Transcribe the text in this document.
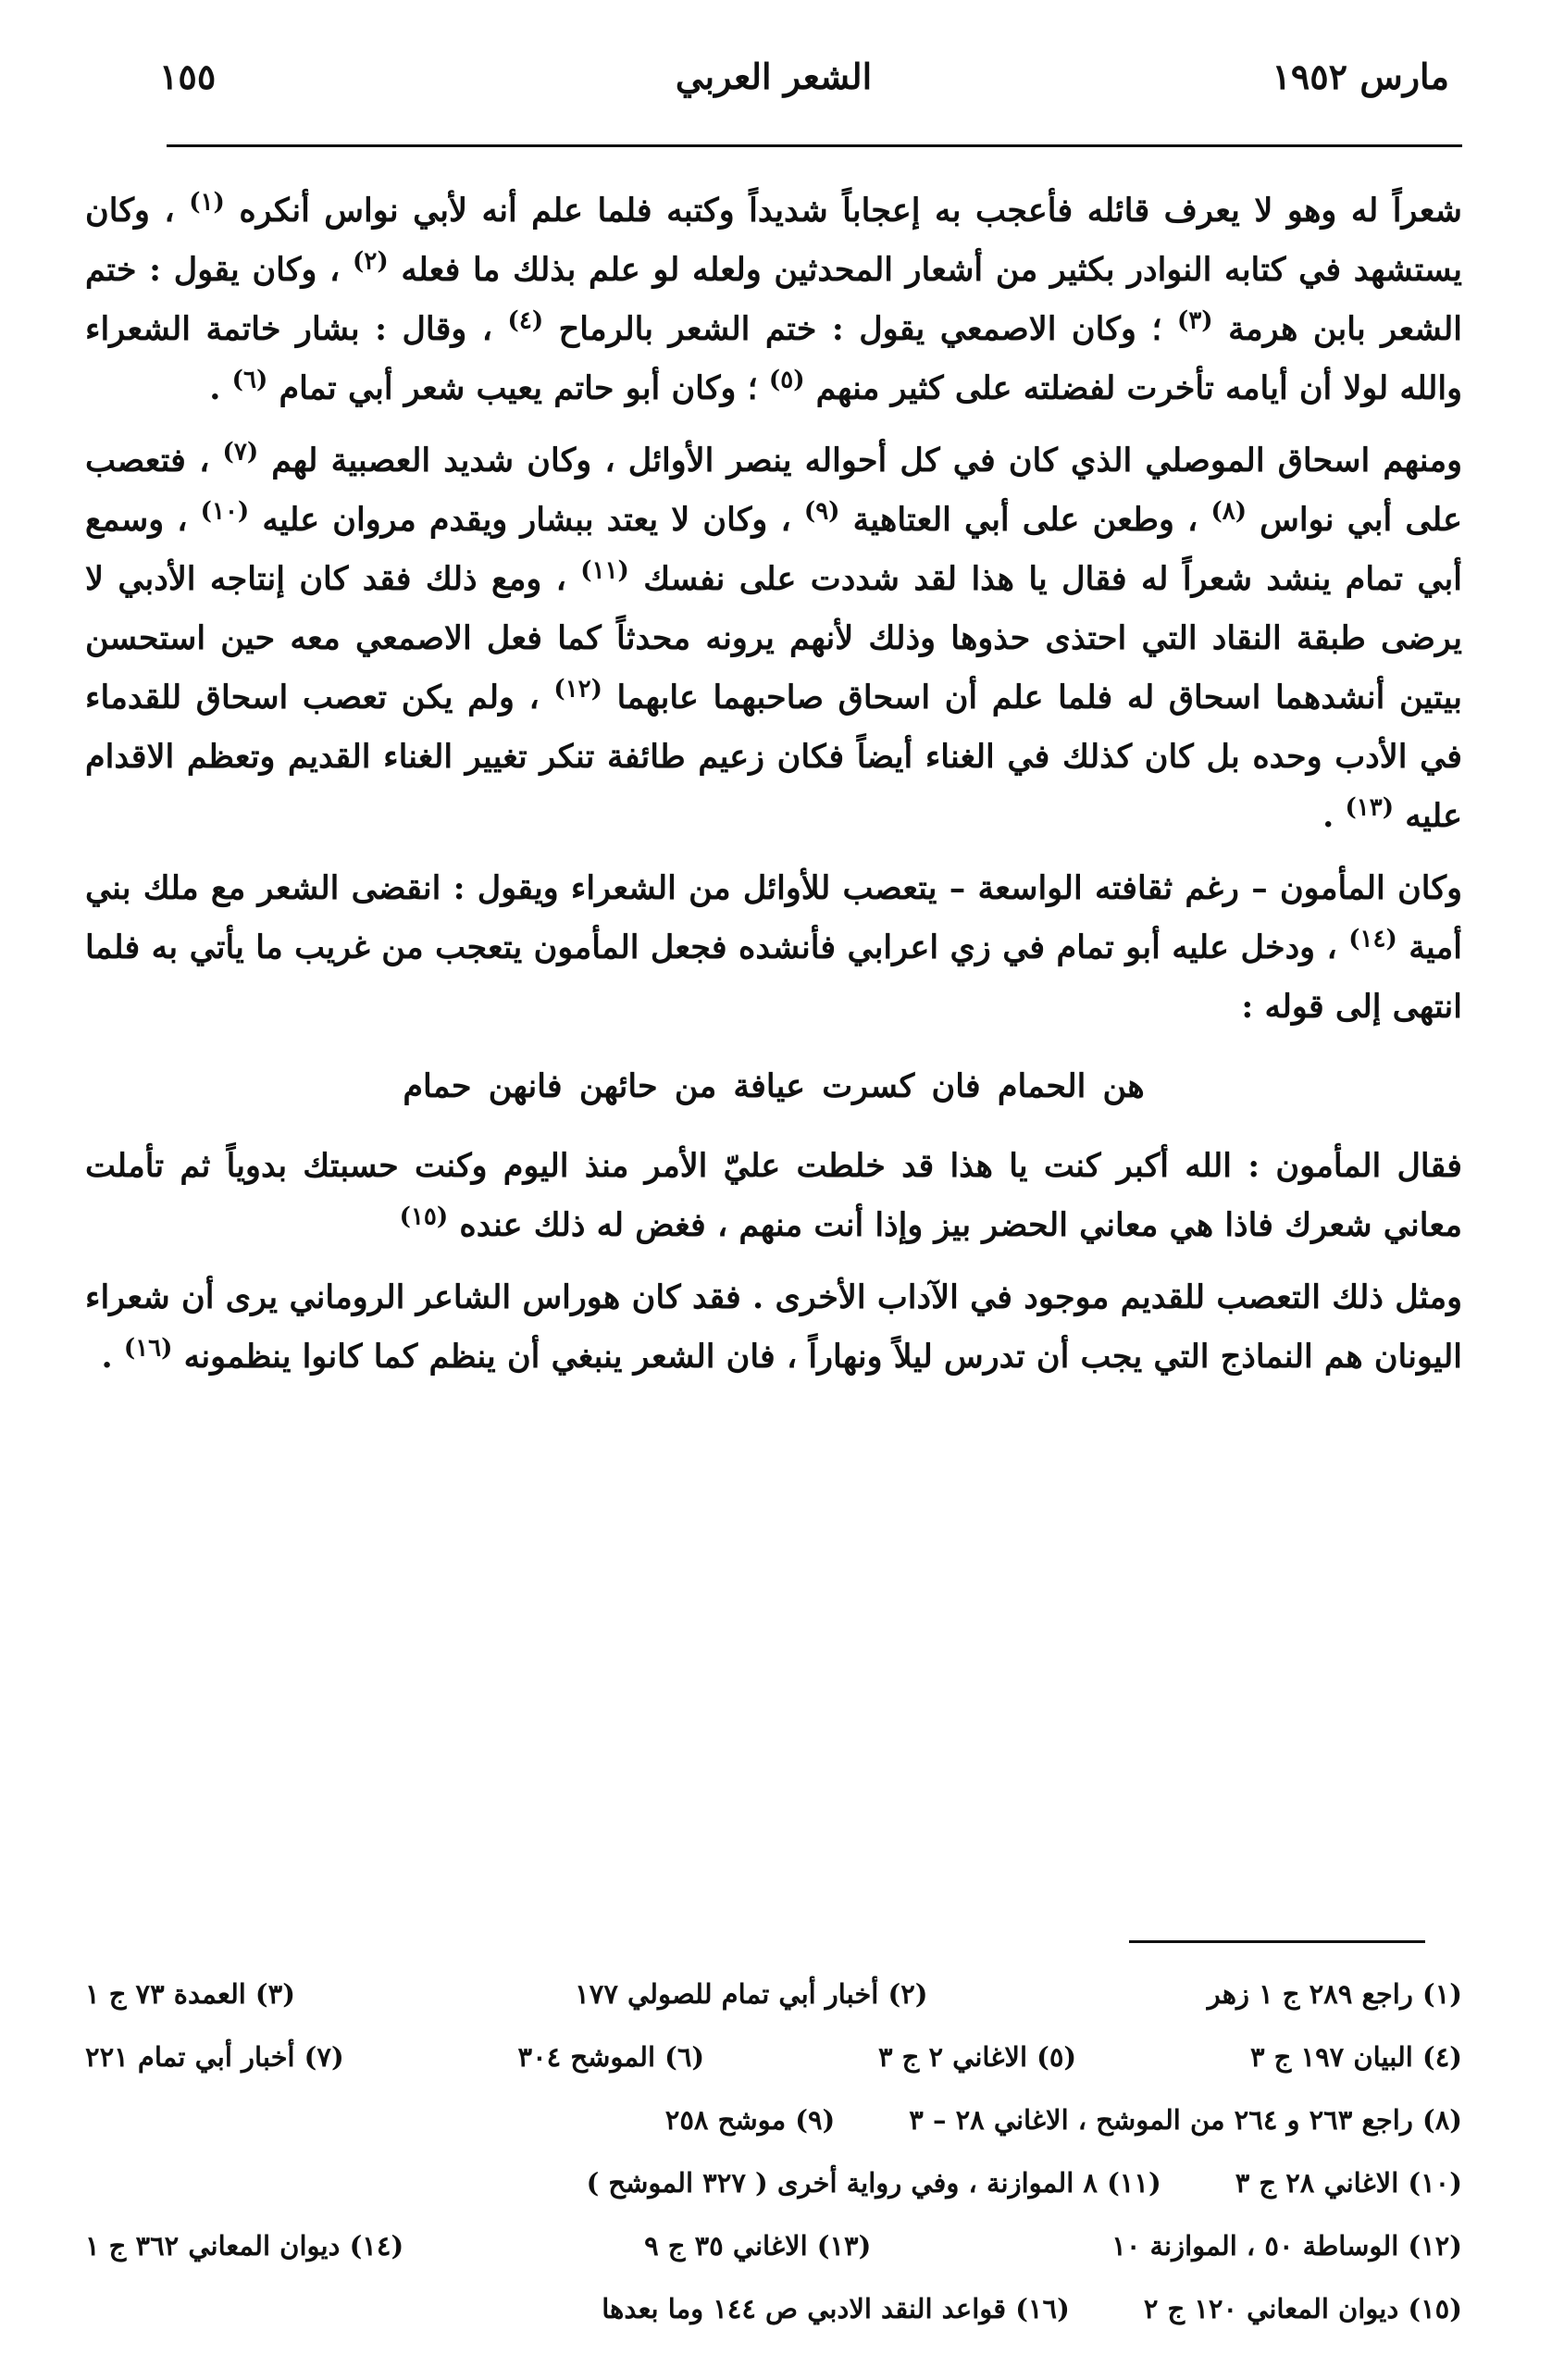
مارس ١٩٥٢
الشعر العربي
١٥٥

شعراً له وهو لا يعرف قائله فأعجب به إعجاباً شديداً وكتبه فلما علم أنه لأبي نواس أنكره $^{(١)}$ ، وكان يستشهد في كتابه النوادر بكثير من أشعار المحدثين ولعله لو علم بذلك ما فعله $^{(٢)}$ ، وكان يقول : ختم الشعر بابن هرمة $^{(٣)}$ ؛ وكان الاصمعي يقول : ختم الشعر بالرماح $^{(٤)}$ ، وقال : بشار خاتمة الشعراء والله لولا أن أيامه تأخرت لفضلته على كثير منهم $^{(٥)}$ ؛ وكان أبو حاتم يعيب شعر أبي تمام $^{(٦)}$ .

ومنهم اسحاق الموصلي الذي كان في كل أحواله ينصر الأوائل ، وكان شديد العصبية لهم $^{(٧)}$ ، فتعصب على أبي نواس $^{(٨)}$ ، وطعن على أبي العتاهية $^{(٩)}$ ، وكان لا يعتد ببشار ويقدم مروان عليه $^{(١٠)}$ ، وسمع أبي تمام ينشد شعراً له فقال يا هذا لقد شددت على نفسك $^{(١١)}$ ، ومع ذلك فقد كان إنتاجه الأدبي لا يرضى طبقة النقاد التي احتذى حذوها وذلك لأنهم يرونه محدثاً كما فعل الاصمعي معه حين استحسن بيتين أنشدهما اسحاق له فلما علم أن اسحاق صاحبهما عابهما $^{(١٢)}$ ، ولم يكن تعصب اسحاق للقدماء في الأدب وحده بل كان كذلك في الغناء أيضاً فكان زعيم طائفة تنكر تغيير الغناء القديم وتعظم الاقدام عليه $^{(١٣)}$ .

وكان المأمون – رغم ثقافته الواسعة – يتعصب للأوائل من الشعراء ويقول : انقضى الشعر مع ملك بني أمية $^{(١٤)}$ ، ودخل عليه أبو تمام في زي اعرابي فأنشده فجعل المأمون يتعجب من غريب ما يأتي به فلما انتهى إلى قوله :

هن الحمام فان كسرت عيافة من حائهن فانهن حمام

فقال المأمون : الله أكبر كنت يا هذا قد خلطت عليّ الأمر منذ اليوم وكنت حسبتك بدوياً ثم تأملت معاني شعرك فاذا هي معاني الحضر بيز وإذا أنت منهم ، فغض له ذلك عنده $^{(١٥)}$

ومثل ذلك التعصب للقديم موجود في الآداب الأخرى . فقد كان هوراس الشاعر الروماني يرى أن شعراء اليونان هم النماذج التي يجب أن تدرس ليلاً ونهاراً ، فان الشعر ينبغي أن ينظم كما كانوا ينظمونه $^{(١٦)}$ .

(١) راجع ٢٨٩ ج ١ زهر
(٢) أخبار أبي تمام للصولي ١٧٧
(٣) العمدة ٧٣ ج ١
(٤) البيان ١٩٧ ج ٣
(٥) الاغاني ٢ ج ٣
(٦) الموشح ٣٠٤
(٧) أخبار أبي تمام ٢٢١
(٨) راجع ٢٦٣ و ٢٦٤ من الموشح ، الاغاني ٢٨ – ٣
(٩) موشح ٢٥٨
(١٠) الاغاني ٢٨ ج ٣
(١١) ٨ الموازنة ، وفي رواية أخرى ( ٣٢٧ الموشح )
(١٢) الوساطة ٥٠ ، الموازنة ١٠
(١٣) الاغاني ٣٥ ج ٩
(١٤) ديوان المعاني ٣٦٢ ج ١
(١٥) ديوان المعاني ١٢٠ ج ٢
(١٦) قواعد النقد الادبي ص ١٤٤ وما بعدها
